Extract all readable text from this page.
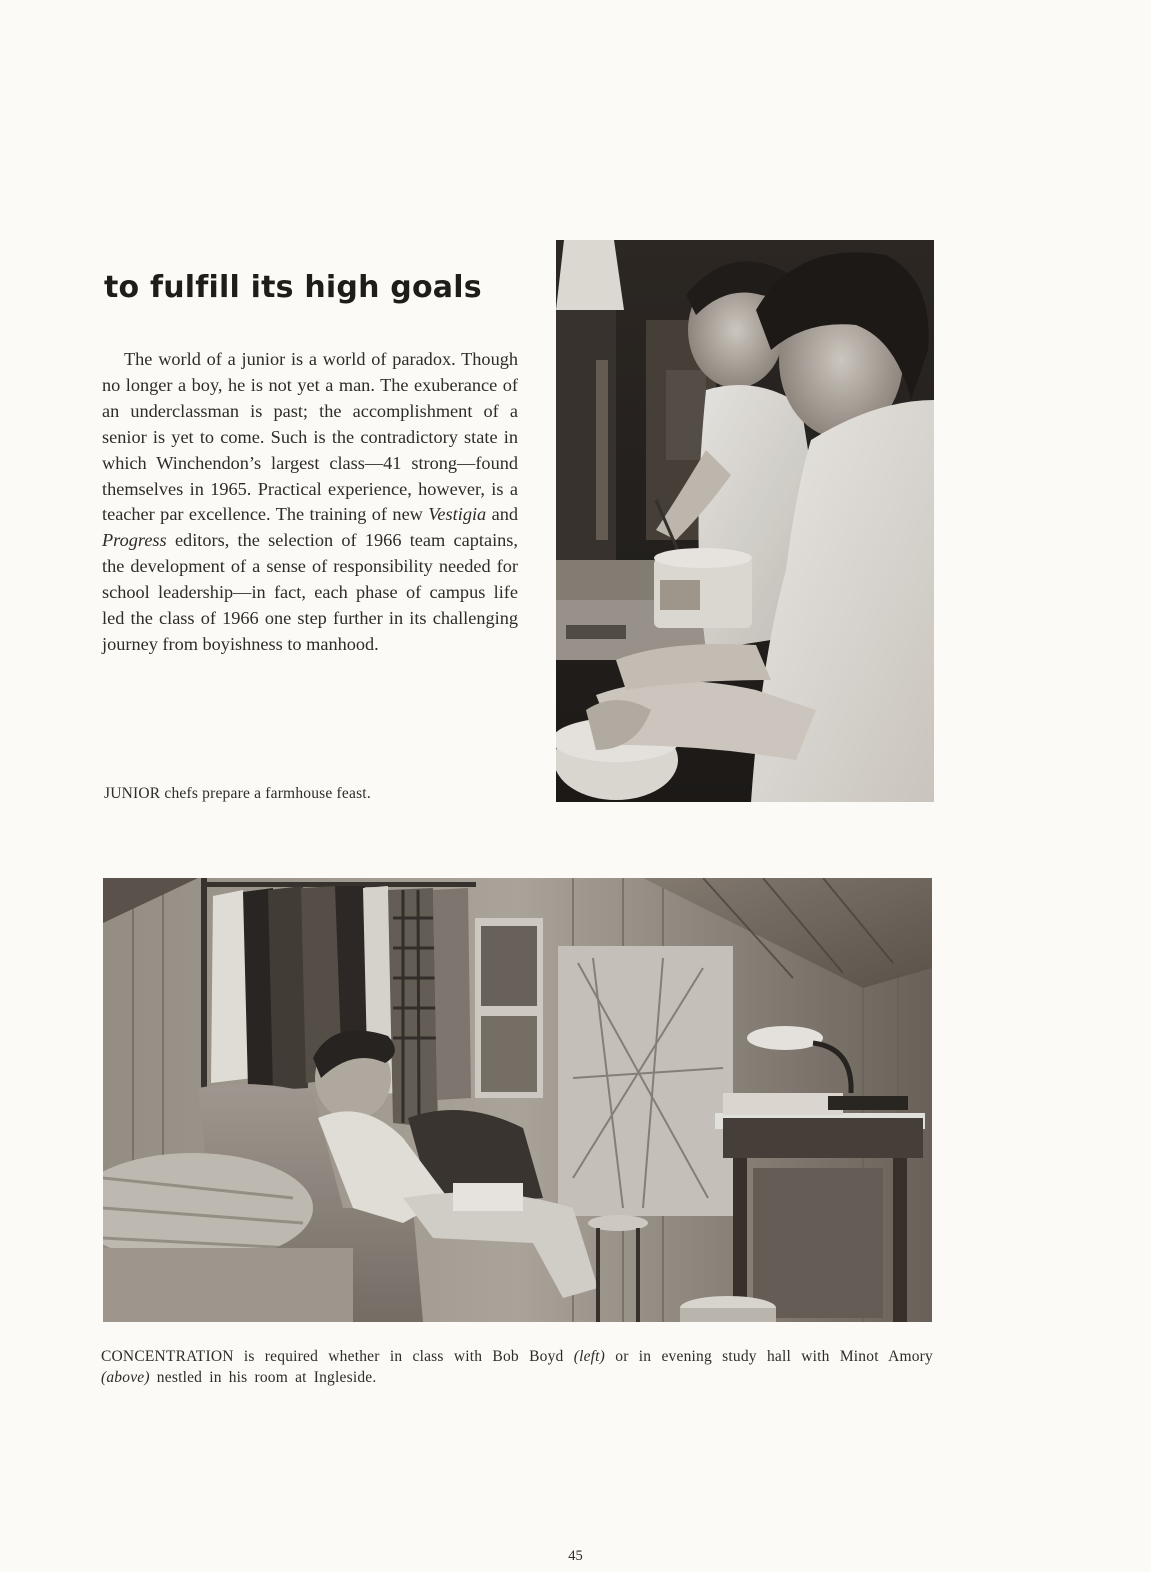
to fulfill its high goals

The world of a junior is a world of paradox. Though no longer a boy, he is not yet a man. The exuberance of an underclassman is past; the accomplishment of a senior is yet to come. Such is the contradictory state in which Winchendon’s largest class—41 strong—found themselves in 1965. Practical experience, however, is a teacher par excellence. The training of new Vestigia and Progress editors, the selection of 1966 team captains, the development of a sense of responsibility needed for school leadership—in fact, each phase of campus life led the class of 1966 one step further in its challenging journey from boyishness to manhood.

JUNIOR chefs prepare a farmhouse feast.

CONCENTRATION is required whether in class with Bob Boyd (left) or in evening study hall with Minot Amory (above) nestled in his room at Ingleside.

45
